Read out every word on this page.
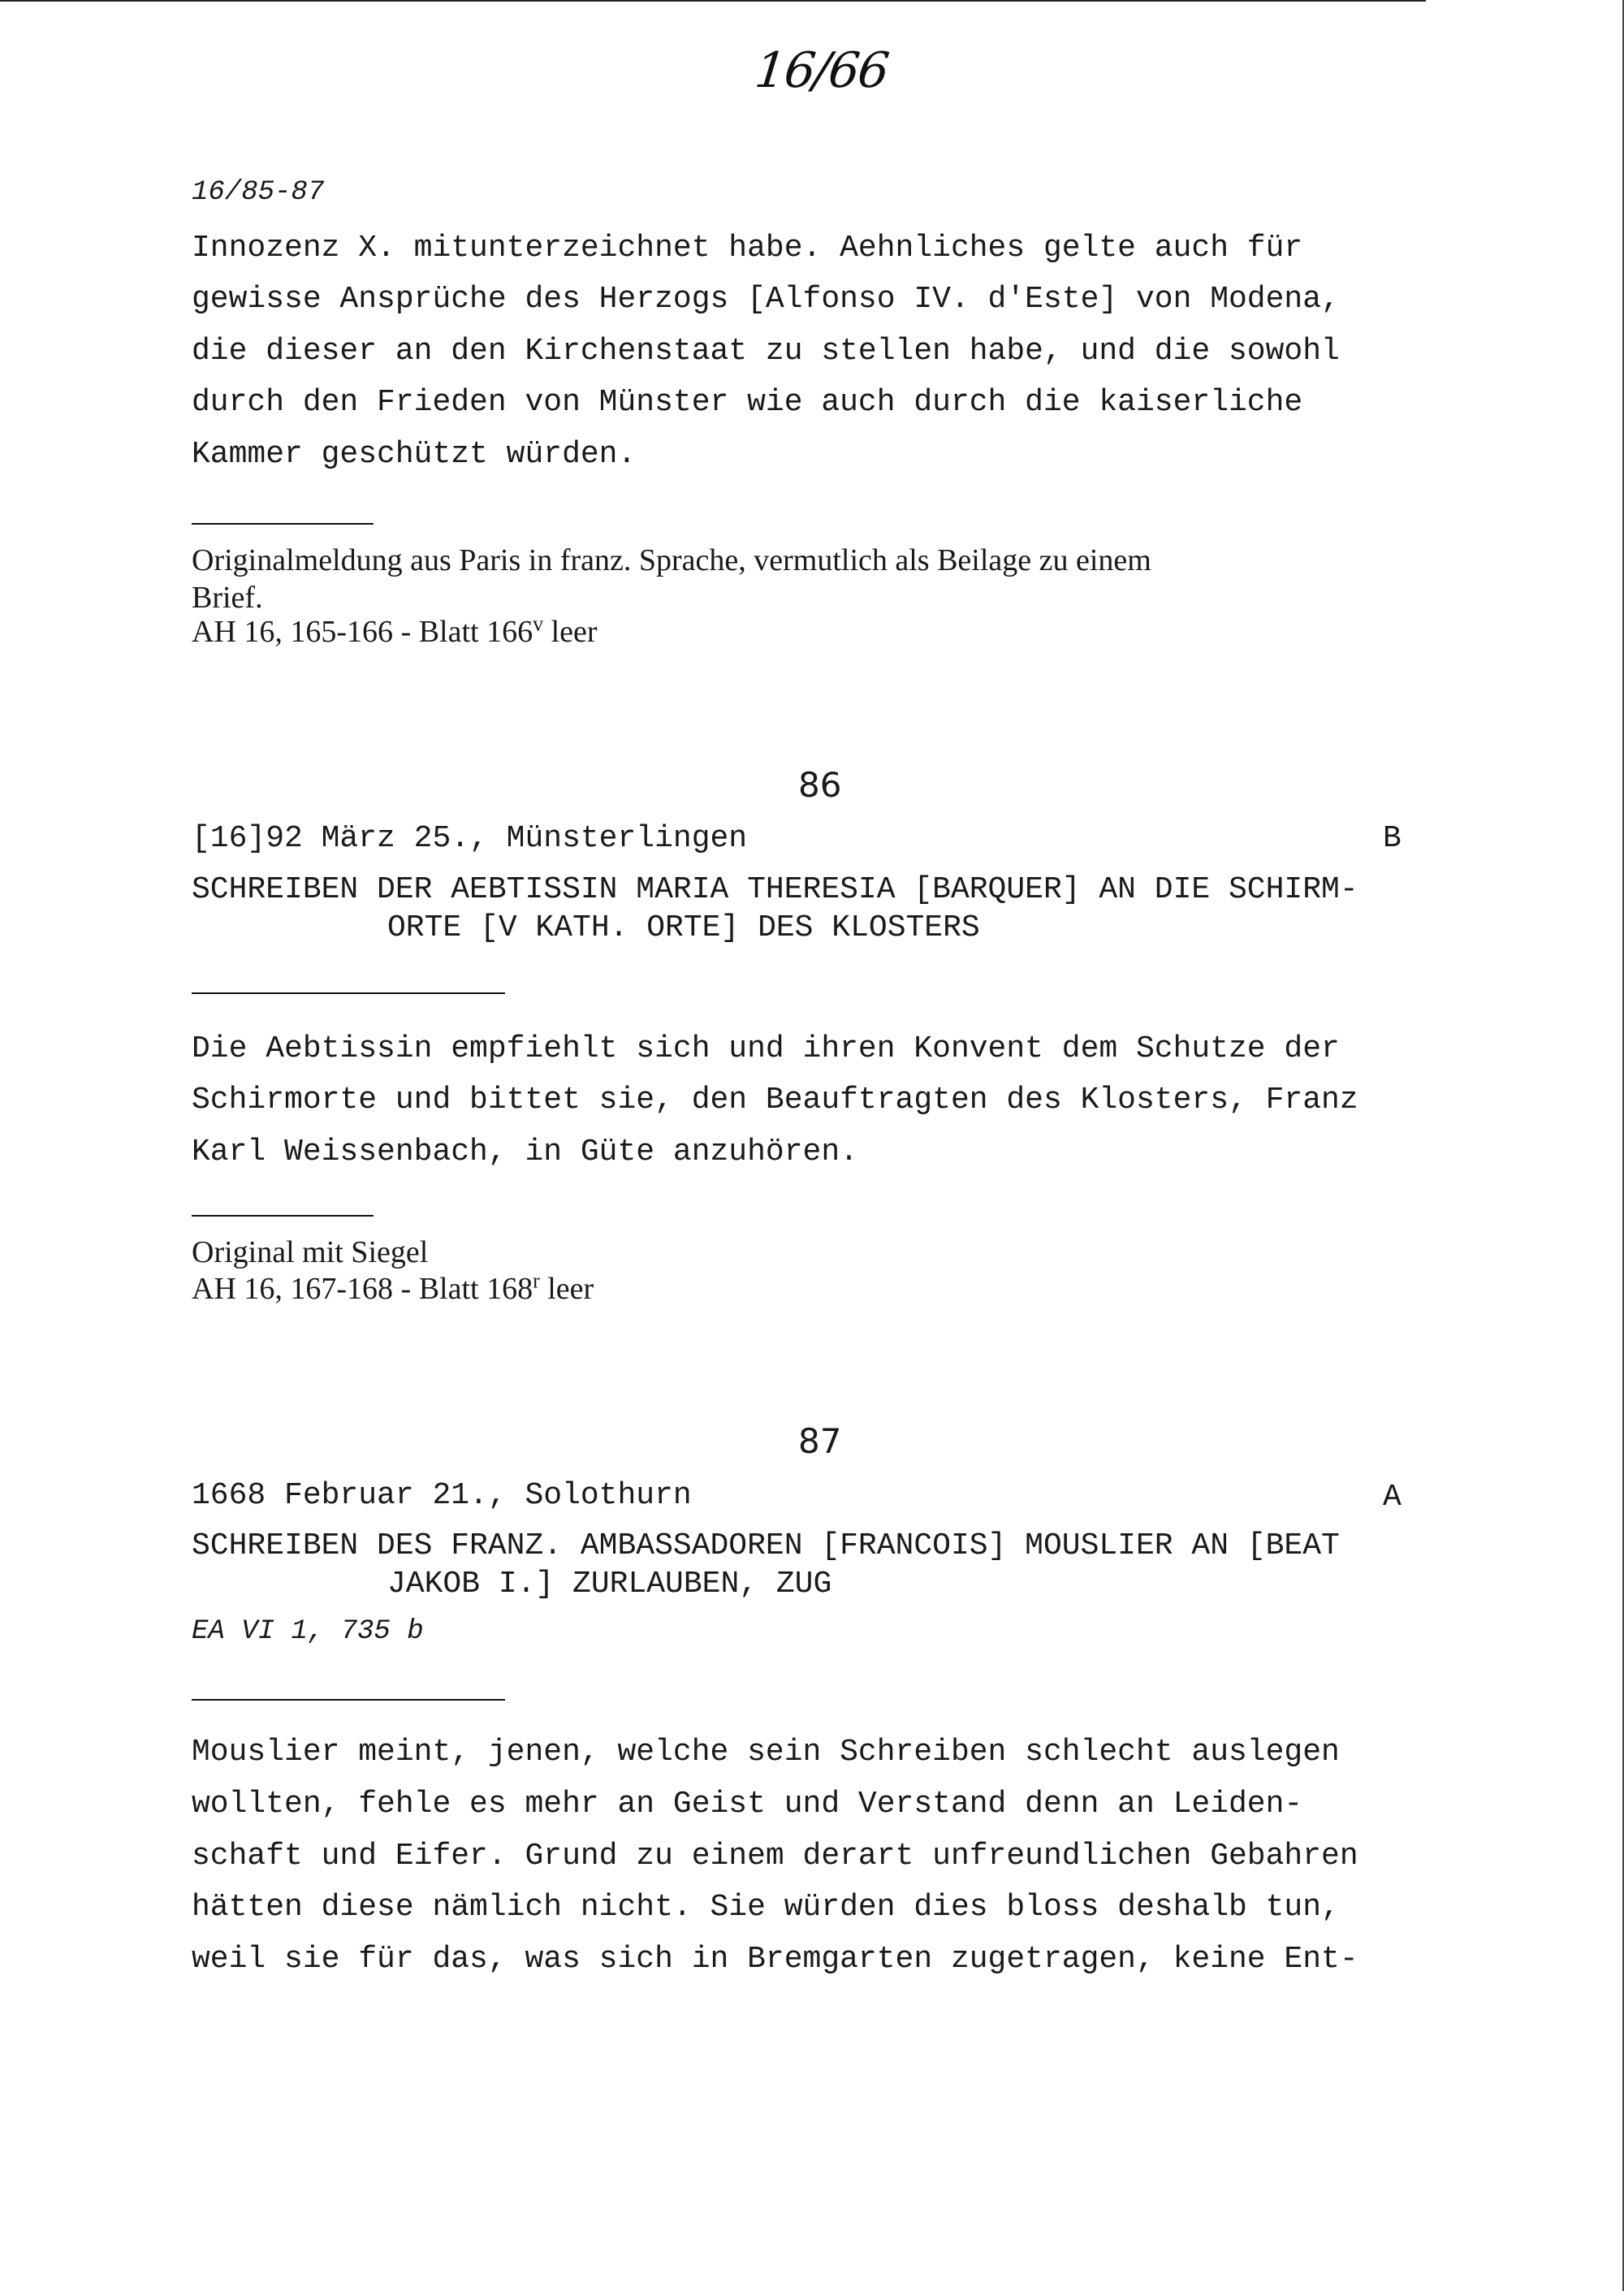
16/66
16/85-87
Innozenz X. mitunterzeichnet habe. Aehnliches gelte auch für
gewisse Ansprüche des Herzogs [Alfonso IV. d'Este] von Modena,
die dieser an den Kirchenstaat zu stellen habe, und die sowohl
durch den Frieden von Münster wie auch durch die kaiserliche
Kammer geschützt würden.
Originalmeldung aus Paris in franz. Sprache, vermutlich als Beilage zu einem
Brief.
AH 16, 165-166 - Blatt 166$^v$ leer
86
[16]92 März 25., Münsterlingen	B
SCHREIBEN DER AEBTISSIN MARIA THERESIA [BARQUER] AN DIE SCHIRM-
ORTE [V KATH. ORTE] DES KLOSTERS
Die Aebtissin empfiehlt sich und ihren Konvent dem Schutze der
Schirmorte und bittet sie, den Beauftragten des Klosters, Franz
Karl Weissenbach, in Güte anzuhören.
Original mit Siegel
AH 16, 167-168 - Blatt 168$^r$ leer
87
1668 Februar 21., Solothurn	A
SCHREIBEN DES FRANZ. AMBASSADOREN [FRANCOIS] MOUSLIER AN [BEAT
JAKOB I.] ZURLAUBEN, ZUG
EA VI 1, 735 b
Mouslier meint, jenen, welche sein Schreiben schlecht auslegen
wollten, fehle es mehr an Geist und Verstand denn an Leiden-
schaft und Eifer. Grund zu einem derart unfreundlichen Gebahren
hätten diese nämlich nicht. Sie würden dies bloss deshalb tun,
weil sie für das, was sich in Bremgarten zugetragen, keine Ent-
